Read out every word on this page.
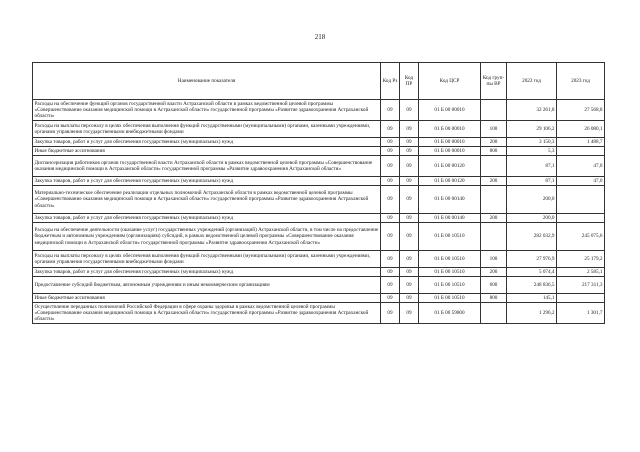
218
Наименование показателя	Код Рз	Код ПР	Код ЦСР	Код груп-пы ВР	2022 год	2023 год
Расходы на обеспечение функций органов государственной власти Астраханской области в рамках ведомственной целевой программы «Совершенствование оказания медицинской помощи в Астраханской области» государственной программы «Развитие здравоохранения Астраханской области»	09	09	01 Б 00 00010		32 261,8	27 568,8
Расходы на выплаты персоналу в целях обеспечения выполнения функций государственными (муниципальными) органами, казенными учреждениями, органами управления государственными внебюджетными фондами	09	09	01 Б 00 00010	100	29 106,2	26 080,1
Закупка товаров, работ и услуг для обеспечения государственных (муниципальных) нужд	09	09	01 Б 00 00010	200	3 150,3	1 488,7
Иные бюджетные ассигнования	09	09	01 Б 00 00010	800	5,3	
Диспансеризация работников органов государственной власти Астраханской области в рамках ведомственной целевой программы «Совершенствование оказания медицинской помощи в Астраханской области» государственной программы «Развитие здравоохранения Астраханской области»	09	09	01 Б 00 00120		87,1	47,0
Закупка товаров, работ и услуг для обеспечения государственных (муниципальных) нужд	09	09	01 Б 00 00120	200	87,1	47,0
Материально-техническое обеспечение реализации отдельных полномочий Астраханской области в рамках ведомственной целевой программы «Совершенствование оказания медицинской помощи в Астраханской области» государственной программы «Развитие здравоохранения Астраханской области»	09	09	01 Б 00 00140		200,0	
Закупка товаров, работ и услуг для обеспечения государственных (муниципальных) нужд	09	09	01 Б 00 00140	200	200,0	
Расходы на обеспечение деятельности (оказание услуг) государственных учреждений (организаций) Астраханской области, в том числе на предоставление бюджетным и автономным учреждениям (организациям) субсидий, в рамках ведомственной целевой программы «Совершенствование оказания медицинской помощи в Астраханской области» государственной программы «Развитие здравоохранения Астраханской области»	09	09	01 Б 00 10510		282 032,9	245 075,6
Расходы на выплаты персоналу в целях обеспечения выполнения функций государственными (муниципальными) органами, казенными учреждениями, органами управления государственными внебюджетными фондами	09	09	01 Б 00 10510	100	27 976,9	25 179,2
Закупка товаров, работ и услуг для обеспечения государственных (муниципальных) нужд	09	09	01 Б 00 10510	200	5 074,4	2 585,1
Предоставление субсидий бюджетным, автономным учреждениям и иным некоммерческим организациям	09	09	01 Б 00 10510	600	248 836,5	217 311,3
Иные бюджетные ассигнования	09	09	01 Б 00 10510	800	145,1	
Осуществление переданных полномочий Российской Федерации в сфере охраны здоровья в рамках ведомственной целевой программы «Совершенствование оказания медицинской помощи в Астраханской области» государственной программы «Развитие здравоохранения Астраханской области»	09	09	01 Б 00 59800		1 296,2	1 301,7
